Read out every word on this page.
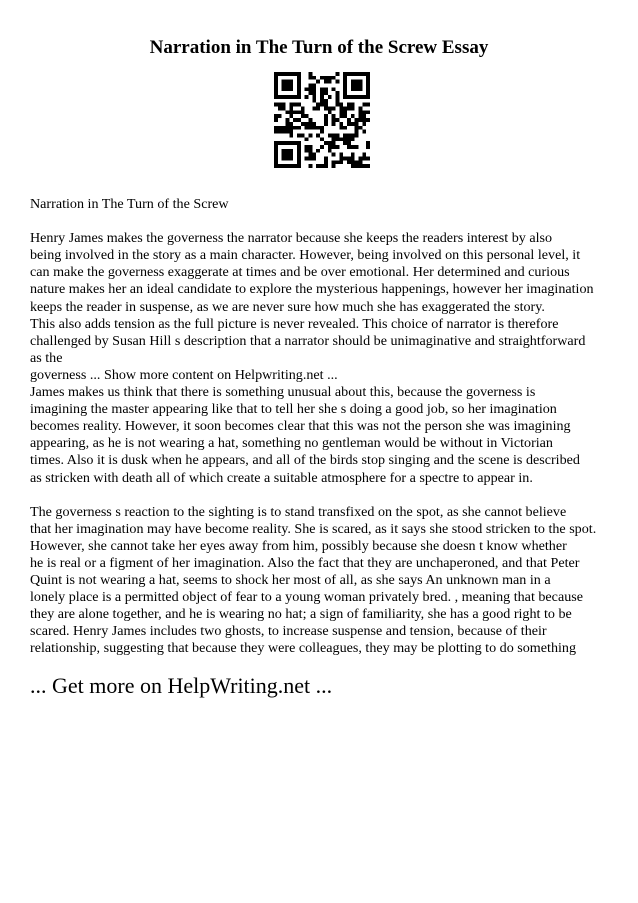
Narration in The Turn of the Screw Essay
Narration in The Turn of the Screw
Henry James makes the governess the narrator because she keeps the readers interest by also
being involved in the story as a main character. However, being involved on this personal level, it
can make the governess exaggerate at times and be over emotional. Her determined and curious
nature makes her an ideal candidate to explore the mysterious happenings, however her imagination
keeps the reader in suspense, as we are never sure how much she has exaggerated the story.
This also adds tension as the full picture is never revealed. This choice of narrator is therefore
challenged by Susan Hill s description that a narrator should be unimaginative and straightforward
as the
governess ... Show more content on Helpwriting.net ...
James makes us think that there is something unusual about this, because the governess is
imagining the master appearing like that to tell her she s doing a good job, so her imagination
becomes reality. However, it soon becomes clear that this was not the person she was imagining
appearing, as he is not wearing a hat, something no gentleman would be without in Victorian
times. Also it is dusk when he appears, and all of the birds stop singing and the scene is described
as stricken with death all of which create a suitable atmosphere for a spectre to appear in.
The governess s reaction to the sighting is to stand transfixed on the spot, as she cannot believe
that her imagination may have become reality. She is scared, as it says she stood stricken to the spot.
However, she cannot take her eyes away from him, possibly because she doesn t know whether
he is real or a figment of her imagination. Also the fact that they are unchaperoned, and that Peter
Quint is not wearing a hat, seems to shock her most of all, as she says An unknown man in a
lonely place is a permitted object of fear to a young woman privately bred. , meaning that because
they are alone together, and he is wearing no hat; a sign of familiarity, she has a good right to be
scared. Henry James includes two ghosts, to increase suspense and tension, because of their
relationship, suggesting that because they were colleagues, they may be plotting to do something
... Get more on HelpWriting.net ...
